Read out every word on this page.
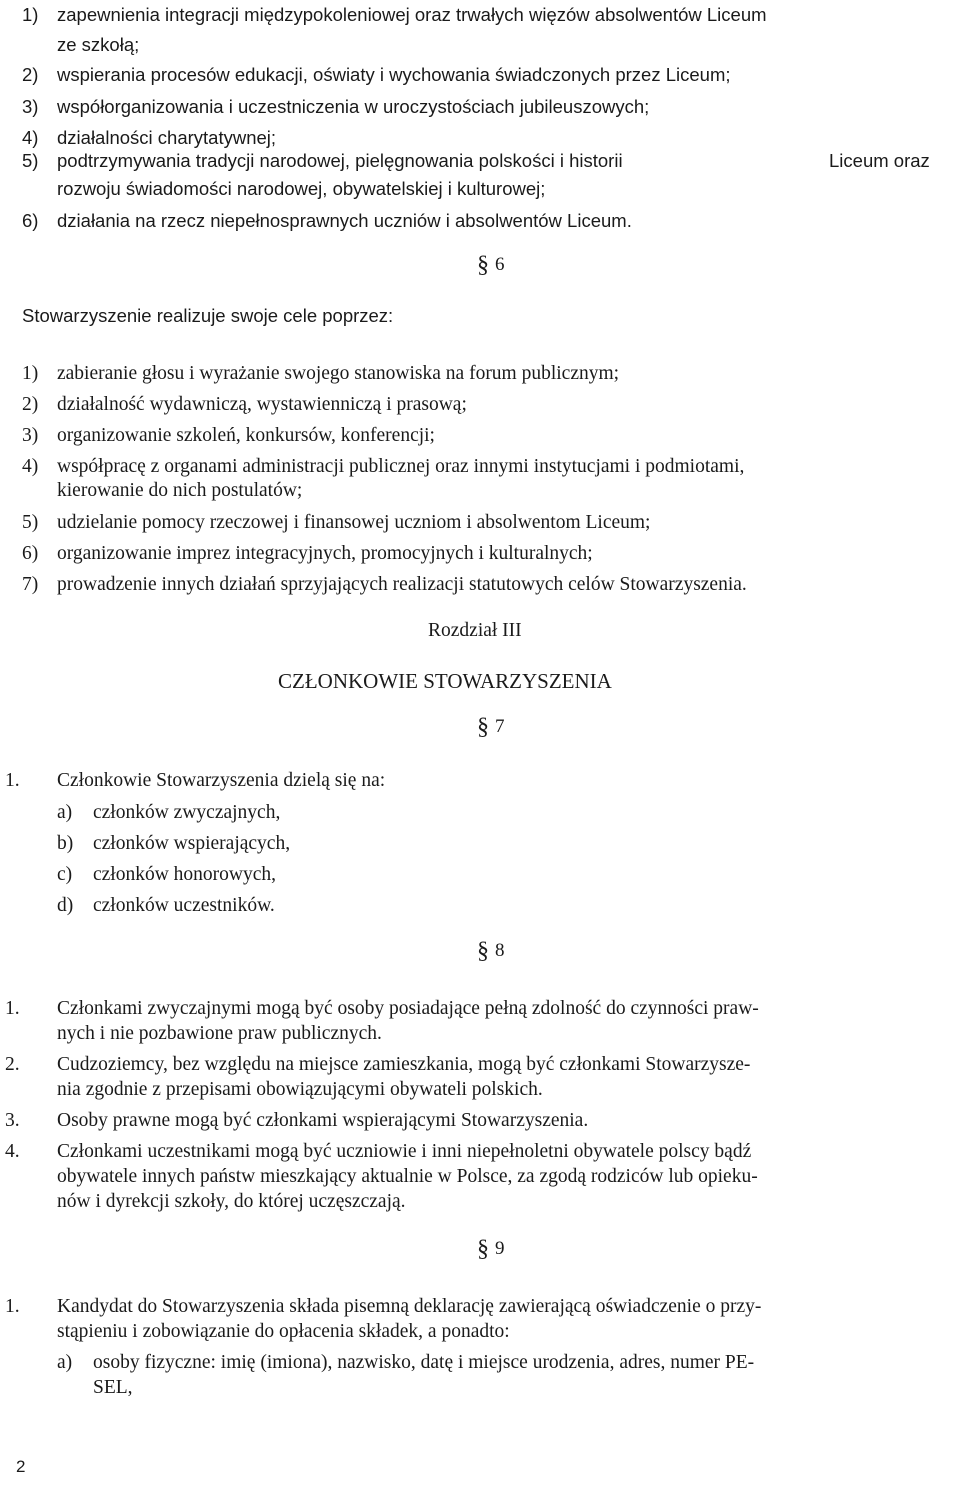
1) zapewnienia integracji międzypokoleniowej oraz trwałych więzów absolwentów Liceum
ze szkołą;
2) wspierania procesów edukacji, oświaty i wychowania świadczonych przez Liceum;
3) współorganizowania i uczestniczenia w uroczystościach jubileuszowych;
4) działalności charytatywnej;
5) podtrzymywania tradycji narodowej, pielęgnowania polskości i historii	Liceum oraz
rozwoju świadomości narodowej, obywatelskiej i kulturowej;
6) działania na rzecz niepełnosprawnych uczniów i absolwentów Liceum.
§ 6
Stowarzyszenie realizuje swoje cele poprzez:
1) zabieranie głosu i wyrażanie swojego stanowiska na forum publicznym;
2) działalność wydawniczą, wystawienniczą i prasową;
3) organizowanie szkoleń, konkursów, konferencji;
4) współpracę z organami administracji publicznej oraz innymi instytucjami i podmiotami,
kierowanie do nich postulatów;
5) udzielanie pomocy rzeczowej i finansowej uczniom i absolwentom Liceum;
6) organizowanie imprez integracyjnych, promocyjnych i kulturalnych;
7) prowadzenie innych działań sprzyjających realizacji statutowych celów Stowarzyszenia.
Rozdział III
CZŁONKOWIE STOWARZYSZENIA
§ 7
1. Członkowie Stowarzyszenia dzielą się na:
a) członków zwyczajnych,
b) członków wspierających,
c) członków honorowych,
d) członków uczestników.
§ 8
1. Członkami zwyczajnymi mogą być osoby posiadające pełną zdolność do czynności praw-
nych i nie pozbawione praw publicznych.
2. Cudzoziemcy, bez względu na miejsce zamieszkania, mogą być członkami Stowarzysze-
nia zgodnie z przepisami obowiązującymi obywateli polskich.
3. Osoby prawne mogą być członkami wspierającymi Stowarzyszenia.
4. Członkami uczestnikami mogą być uczniowie i inni niepełnoletni obywatele polscy bądź
obywatele innych państw mieszkający aktualnie w Polsce, za zgodą rodziców lub opieku-
nów i dyrekcji szkoły, do której uczęszczają.
§ 9
1. Kandydat do Stowarzyszenia składa pisemną deklarację zawierającą oświadczenie o przy-
stąpieniu i zobowiązanie do opłacenia składek, a ponadto:
a) osoby fizyczne: imię (imiona), nazwisko, datę i miejsce urodzenia, adres, numer PE-
SEL,
2
